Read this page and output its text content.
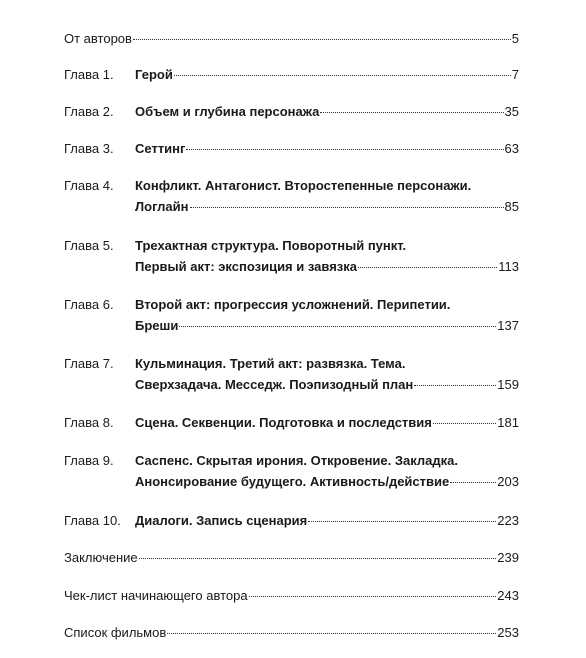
От авторов	5
Глава 1. Герой	7
Глава 2. Объем и глубина персонажа	35
Глава 3. Сеттинг	63
Глава 4. Конфликт. Антагонист. Второстепенные персонажи.
Логлайн	85
Глава 5. Трехактная структура. Поворотный пункт.
Первый акт: экспозиция и завязка	113
Глава 6. Второй акт: прогрессия усложнений. Перипетии.
Бреши	137
Глава 7. Кульминация. Третий акт: развязка. Тема.
Сверхзадача. Месседж. Поэпизодный план	159
Глава 8. Сцена. Секвенции. Подготовка и последствия	181
Глава 9. Саспенс. Скрытая ирония. Откровение. Закладка.
Анонсирование будущего. Активность/действие	203
Глава 10. Диалоги. Запись сценария	223
Заключение	239
Чек-лист начинающего автора	243
Список фильмов	253
